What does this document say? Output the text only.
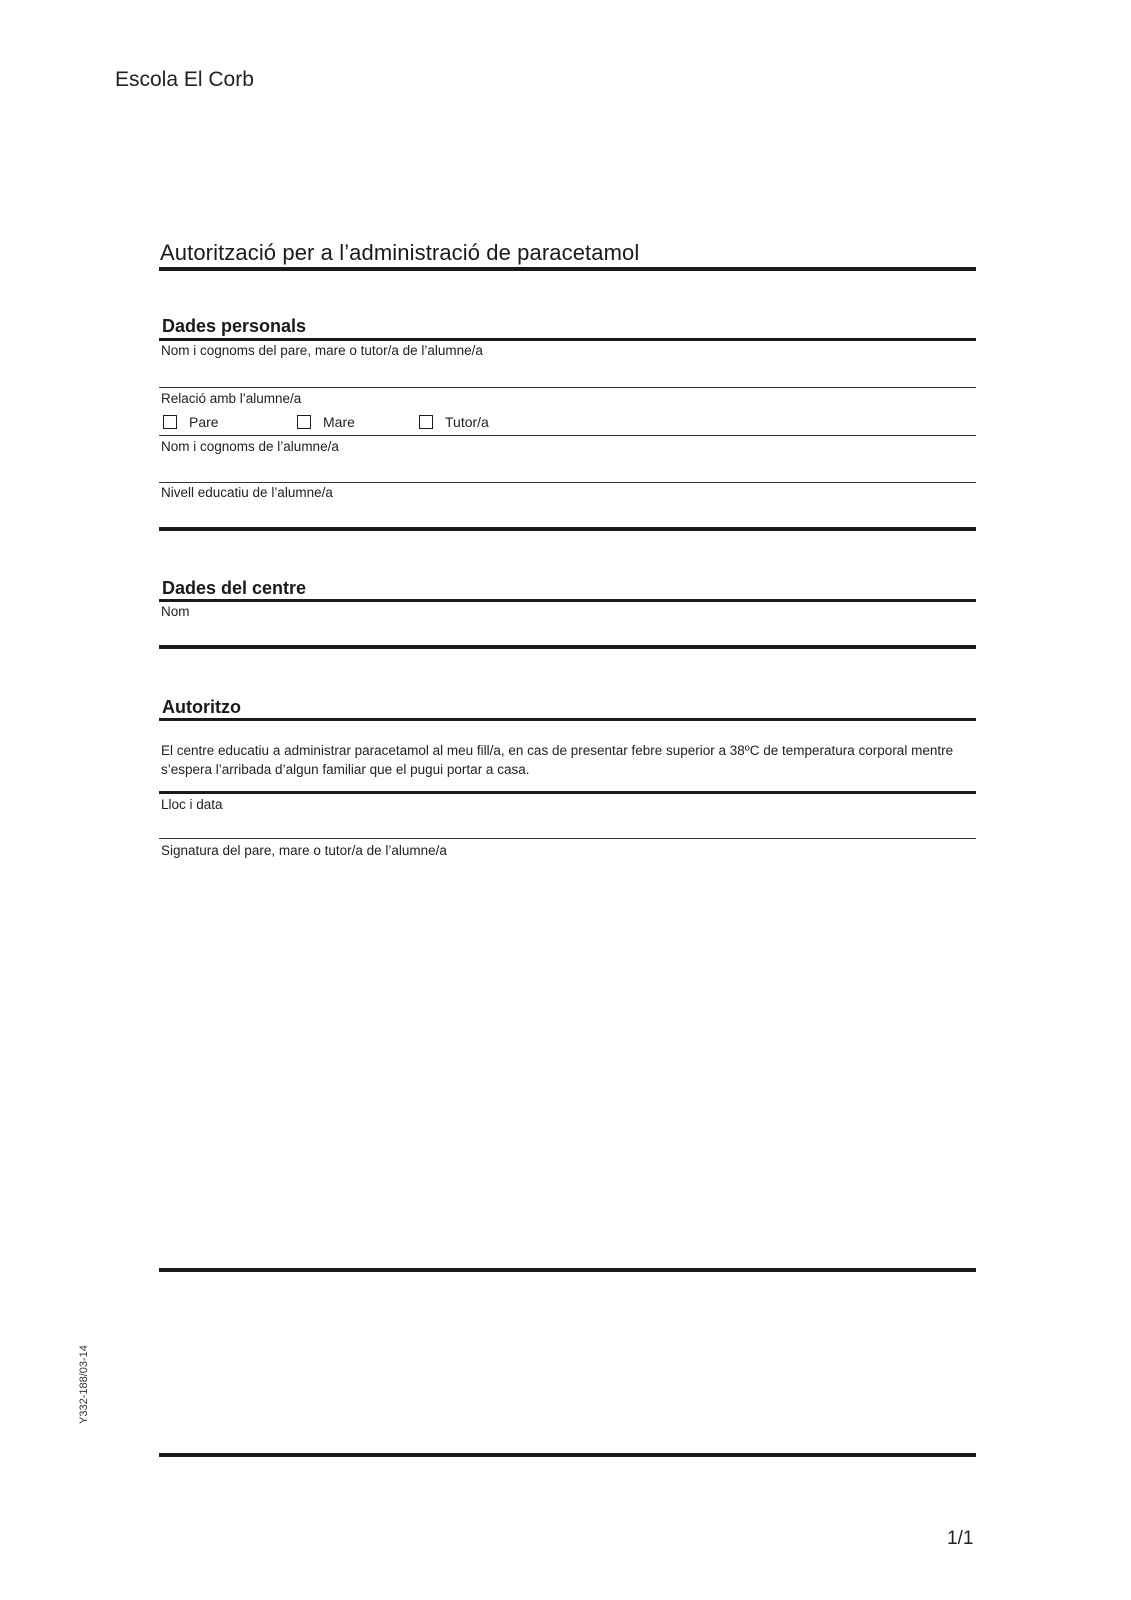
Escola El Corb
Autorització per a l’administració de paracetamol
Dades personals
Nom i cognoms del pare, mare o tutor/a de l’alumne/a
Relació amb l’alumne/a
Pare	Mare	Tutor/a
Nom i cognoms de l’alumne/a
Nivell educatiu de l’alumne/a
Dades del centre
Nom
Autoritzo
El centre educatiu a administrar paracetamol al meu fill/a, en cas de presentar febre superior a 38ºC de temperatura corporal mentre s’espera l’arribada d’algun familiar que el pugui portar a casa.
Lloc i data
Signatura del pare, mare o tutor/a de l’alumne/a
Y332-188/03-14
1/1
